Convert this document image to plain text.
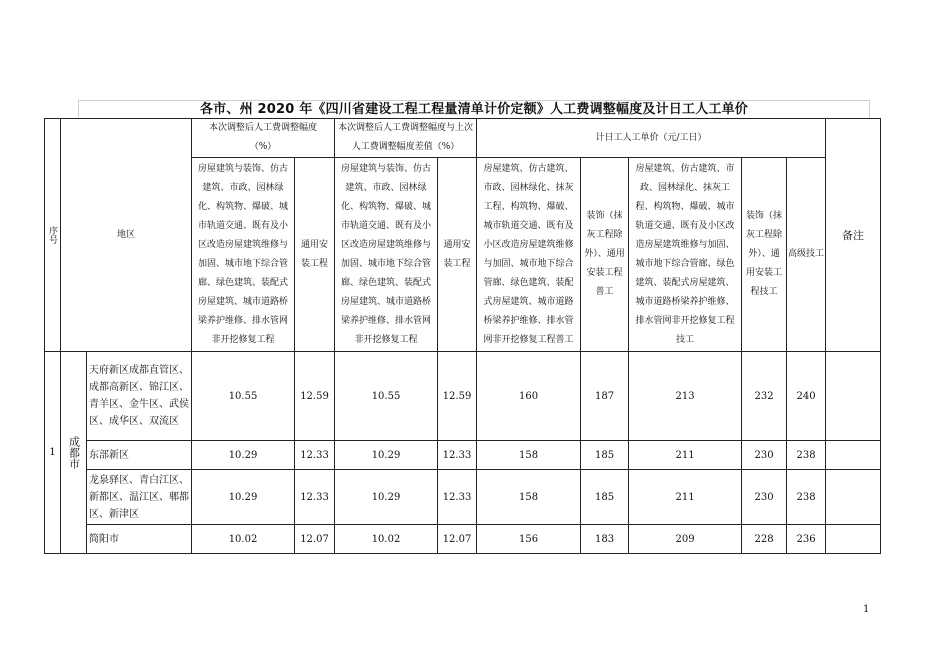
各市、州 2020 年《四川省建设工程工程量清单计价定额》人工费调整幅度及计日工人工单价
序号	地区		本次调整后人工费调整幅度（%）		本次调整后人工费调整幅度与上次人工费调整幅度差值（%）		计日工人工单价（元/工日）					备注
			房屋建筑与装饰、仿古建筑、市政、园林绿化、构筑物、爆破、城市轨道交通、既有及小区改造房屋建筑维修与加固、城市地下综合管廊、绿色建筑、装配式房屋建筑、城市道路桥梁养护维修、排水管网非开挖修复工程	通用安装工程	房屋建筑与装饰、仿古建筑、市政、园林绿化、构筑物、爆破、城市轨道交通、既有及小区改造房屋建筑维修与加固、城市地下综合管廊、绿色建筑、装配式房屋建筑、城市道路桥梁养护维修、排水管网非开挖修复工程	通用安装工程	房屋建筑、仿古建筑、市政、园林绿化、抹灰工程、构筑物、爆破、城市轨道交通、既有及小区改造房屋建筑维修与加固、城市地下综合管廊、绿色建筑、装配式房屋建筑、城市道路桥梁养护维修、排水管网非开挖修复工程普工	装饰（抹灰工程除外）、通用安装工程普工	房屋建筑、仿古建筑、市政、园林绿化、抹灰工程、构筑物、爆破、城市轨道交通、既有及小区改造房屋建筑维修与加固、城市地下综合管廊、绿色建筑、装配式房屋建筑、城市道路桥梁养护维修、排水管网非开挖修复工程技工	装饰（抹灰工程除外）、通用安装工程技工	高级技工	
1	成都市	天府新区成都直管区、成都高新区、锦江区、青羊区、金牛区、武侯区、成华区、双流区	10.55	12.59	10.55	12.59	160	187	213	232	240	
		东部新区	10.29	12.33	10.29	12.33	158	185	211	230	238	
		龙泉驿区、青白江区、新都区、温江区、郫都区、新津区	10.29	12.33	10.29	12.33	158	185	211	230	238	
		简阳市	10.02	12.07	10.02	12.07	156	183	209	228	236	
1
